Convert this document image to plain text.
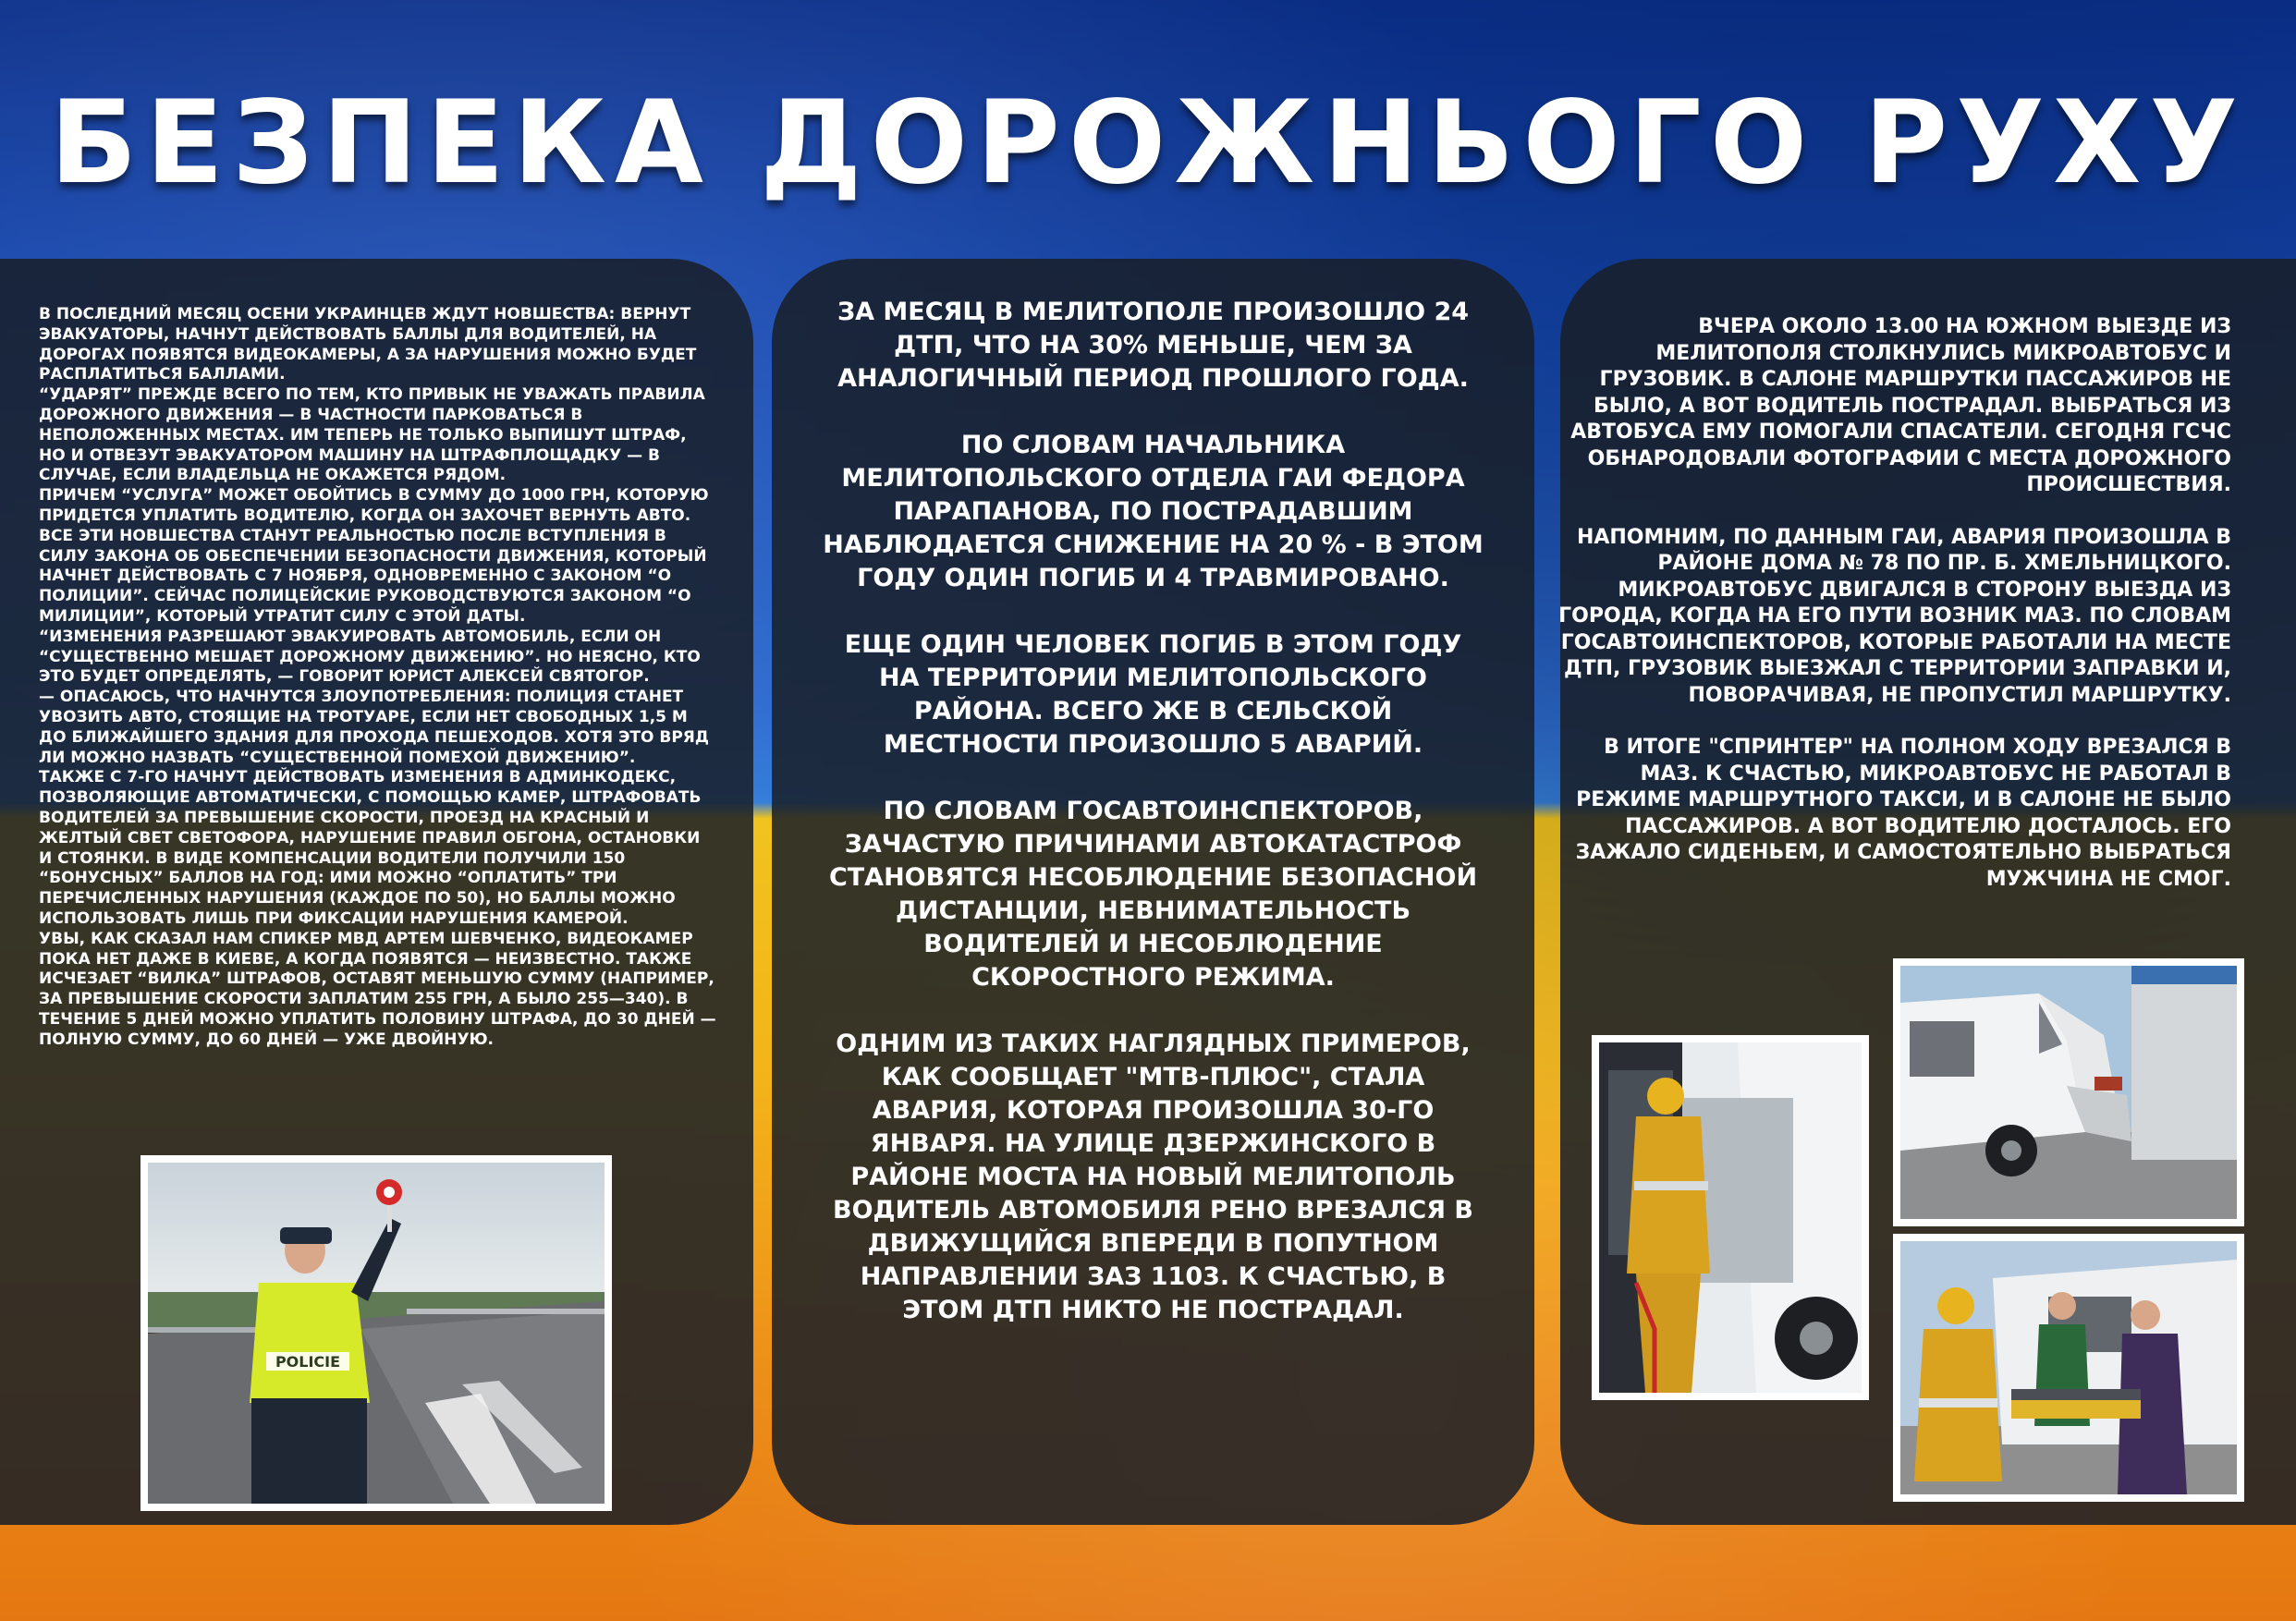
БЕЗПЕКА ДОРОЖНЬОГО РУХУ
В ПОСЛЕДНИЙ МЕСЯЦ ОСЕНИ УКРАИНЦЕВ ЖДУТ НОВШЕСТВА: ВЕРНУТ ЭВАКУАТОРЫ, НАЧНУТ ДЕЙСТВОВАТЬ БАЛЛЫ ДЛЯ ВОДИТЕЛЕЙ, НА ДОРОГАХ ПОЯВЯТСЯ ВИДЕОКАМЕРЫ, А ЗА НАРУШЕНИЯ МОЖНО БУДЕТ РАСПЛАТИТЬСЯ БАЛЛАМИ.
“УДАРЯТ” ПРЕЖДЕ ВСЕГО ПО ТЕМ, КТО ПРИВЫК НЕ УВАЖАТЬ ПРАВИЛА ДОРОЖНОГО ДВИЖЕНИЯ — В ЧАСТНОСТИ ПАРКОВАТЬСЯ В НЕПОЛОЖЕННЫХ МЕСТАХ. ИМ ТЕПЕРЬ НЕ ТОЛЬКО ВЫПИШУТ ШТРАФ, НО И ОТВЕЗУТ ЭВАКУАТОРОМ МАШИНУ НА ШТРАФПЛОЩАДКУ — В СЛУЧАЕ, ЕСЛИ ВЛАДЕЛЬЦА НЕ ОКАЖЕТСЯ РЯДОМ.
ПРИЧЕМ “УСЛУГА” МОЖЕТ ОБОЙТИСЬ В СУММУ ДО 1000 ГРН, КОТОРУЮ ПРИДЕТСЯ УПЛАТИТЬ ВОДИТЕЛЮ, КОГДА ОН ЗАХОЧЕТ ВЕРНУТЬ АВТО.
ВСЕ ЭТИ НОВШЕСТВА СТАНУТ РЕАЛЬНОСТЬЮ ПОСЛЕ ВСТУПЛЕНИЯ В СИЛУ ЗАКОНА ОБ ОБЕСПЕЧЕНИИ БЕЗОПАСНОСТИ ДВИЖЕНИЯ, КОТОРЫЙ НАЧНЕТ ДЕЙСТВОВАТЬ С 7 НОЯБРЯ, ОДНОВРЕМЕННО С ЗАКОНОМ “О ПОЛИЦИИ”. СЕЙЧАС ПОЛИЦЕЙСКИЕ РУКОВОДСТВУЮТСЯ ЗАКОНОМ “О МИЛИЦИИ”, КОТОРЫЙ УТРАТИТ СИЛУ С ЭТОЙ ДАТЫ.
“ИЗМЕНЕНИЯ РАЗРЕШАЮТ ЭВАКУИРОВАТЬ АВТОМОБИЛЬ, ЕСЛИ ОН “СУЩЕСТВЕННО МЕШАЕТ ДОРОЖНОМУ ДВИЖЕНИЮ”. НО НЕЯСНО, КТО ЭТО БУДЕТ ОПРЕДЕЛЯТЬ, — ГОВОРИТ ЮРИСТ АЛЕКСЕЙ СВЯТОГОР.
— ОПАСАЮСЬ, ЧТО НАЧНУТСЯ ЗЛОУПОТРЕБЛЕНИЯ: ПОЛИЦИЯ СТАНЕТ УВОЗИТЬ АВТО, СТОЯЩИЕ НА ТРОТУАРЕ, ЕСЛИ НЕТ СВОБОДНЫХ 1,5 М ДО БЛИЖАЙШЕГО ЗДАНИЯ ДЛЯ ПРОХОДА ПЕШЕХОДОВ. ХОТЯ ЭТО ВРЯД ЛИ МОЖНО НАЗВАТЬ “СУЩЕСТВЕННОЙ ПОМЕХОЙ ДВИЖЕНИЮ”.
ТАКЖЕ С 7-ГО НАЧНУТ ДЕЙСТВОВАТЬ ИЗМЕНЕНИЯ В АДМИНКОДЕКС, ПОЗВОЛЯЮЩИЕ АВТОМАТИЧЕСКИ, С ПОМОЩЬЮ КАМЕР, ШТРАФОВАТЬ ВОДИТЕЛЕЙ ЗА ПРЕВЫШЕНИЕ СКОРОСТИ, ПРОЕЗД НА КРАСНЫЙ И ЖЕЛТЫЙ СВЕТ СВЕТОФОРА, НАРУШЕНИЕ ПРАВИЛ ОБГОНА, ОСТАНОВКИ И СТОЯНКИ. В ВИДЕ КОМПЕНСАЦИИ ВОДИТЕЛИ ПОЛУЧИЛИ 150 “БОНУСНЫХ” БАЛЛОВ НА ГОД: ИМИ МОЖНО “ОПЛАТИТЬ” ТРИ ПЕРЕЧИСЛЕННЫХ НАРУШЕНИЯ (КАЖДОЕ ПО 50), НО БАЛЛЫ МОЖНО ИСПОЛЬЗОВАТЬ ЛИШЬ ПРИ ФИКСАЦИИ НАРУШЕНИЯ КАМЕРОЙ.
УВЫ, КАК СКАЗАЛ НАМ СПИКЕР МВД АРТЕМ ШЕВЧЕНКО, ВИДЕОКАМЕР ПОКА НЕТ ДАЖЕ В КИЕВЕ, А КОГДА ПОЯВЯТСЯ — НЕИЗВЕСТНО. ТАКЖЕ ИСЧЕЗАЕТ “ВИЛКА” ШТРАФОВ, ОСТАВЯТ МЕНЬШУЮ СУММУ (НАПРИМЕР, ЗА ПРЕВЫШЕНИЕ СКОРОСТИ ЗАПЛАТИМ 255 ГРН, А БЫЛО 255—340). В ТЕЧЕНИЕ 5 ДНЕЙ МОЖНО УПЛАТИТЬ ПОЛОВИНУ ШТРАФА, ДО 30 ДНЕЙ — ПОЛНУЮ СУММУ, ДО 60 ДНЕЙ — УЖЕ ДВОЙНУЮ.
POLICIE

ЗА МЕСЯЦ В МЕЛИТОПОЛЕ ПРОИЗОШЛО 24 ДТП, ЧТО НА 30% МЕНЬШЕ, ЧЕМ ЗА АНАЛОГИЧНЫЙ ПЕРИОД ПРОШЛОГО ГОДА.

ПО СЛОВАМ НАЧАЛЬНИКА МЕЛИТОПОЛЬСКОГО ОТДЕЛА ГАИ ФЕДОРА ПАРАПАНОВА, ПО ПОСТРАДАВШИМ НАБЛЮДАЕТСЯ СНИЖЕНИЕ НА 20 % - В ЭТОМ ГОДУ ОДИН ПОГИБ И 4 ТРАВМИРОВАНО.

ЕЩЕ ОДИН ЧЕЛОВЕК ПОГИБ В ЭТОМ ГОДУ НА ТЕРРИТОРИИ МЕЛИТОПОЛЬСКОГО РАЙОНА. ВСЕГО ЖЕ В СЕЛЬСКОЙ МЕСТНОСТИ ПРОИЗОШЛО 5 АВАРИЙ.

ПО СЛОВАМ ГОСАВТОИНСПЕКТОРОВ, ЗАЧАСТУЮ ПРИЧИНАМИ АВТОКАТАСТРОФ СТАНОВЯТСЯ НЕСОБЛЮДЕНИЕ БЕЗОПАСНОЙ ДИСТАНЦИИ, НЕВНИМАТЕЛЬНОСТЬ ВОДИТЕЛЕЙ И НЕСОБЛЮДЕНИЕ СКОРОСТНОГО РЕЖИМА.

ОДНИМ ИЗ ТАКИХ НАГЛЯДНЫХ ПРИМЕРОВ, КАК СООБЩАЕТ "МТВ-ПЛЮС", СТАЛА АВАРИЯ, КОТОРАЯ ПРОИЗОШЛА 30-ГО ЯНВАРЯ. НА УЛИЦЕ ДЗЕРЖИНСКОГО В РАЙОНЕ МОСТА НА НОВЫЙ МЕЛИТОПОЛЬ ВОДИТЕЛЬ АВТОМОБИЛЯ РЕНО ВРЕЗАЛСЯ В ДВИЖУЩИЙСЯ ВПЕРЕДИ В ПОПУТНОМ НАПРАВЛЕНИИ ЗАЗ 1103. К СЧАСТЬЮ, В ЭТОМ ДТП НИКТО НЕ ПОСТРАДАЛ.

ВЧЕРА ОКОЛО 13.00 НА ЮЖНОМ ВЫЕЗДЕ ИЗ МЕЛИТОПОЛЯ СТОЛКНУЛИСЬ МИКРОАВТОБУС И ГРУЗОВИК. В САЛОНЕ МАРШРУТКИ ПАССАЖИРОВ НЕ БЫЛО, А ВОТ ВОДИТЕЛЬ ПОСТРАДАЛ. ВЫБРАТЬСЯ ИЗ АВТОБУСА ЕМУ ПОМОГАЛИ СПАСАТЕЛИ. СЕГОДНЯ ГСЧС ОБНАРОДОВАЛИ ФОТОГРАФИИ С МЕСТА ДОРОЖНОГО ПРОИСШЕСТВИЯ.

НАПОМНИМ, ПО ДАННЫМ ГАИ, АВАРИЯ ПРОИЗОШЛА В РАЙОНЕ ДОМА № 78 ПО ПР. Б. ХМЕЛЬНИЦКОГО. МИКРОАВТОБУС ДВИГАЛСЯ В СТОРОНУ ВЫЕЗДА ИЗ ГОРОДА, КОГДА НА ЕГО ПУТИ ВОЗНИК МАЗ. ПО СЛОВАМ ГОСАВТОИНСПЕКТОРОВ, КОТОРЫЕ РАБОТАЛИ НА МЕСТЕ ДТП, ГРУЗОВИК ВЫЕЗЖАЛ С ТЕРРИТОРИИ ЗАПРАВКИ И, ПОВОРАЧИВАЯ, НЕ ПРОПУСТИЛ МАРШРУТКУ.

В ИТОГЕ "СПРИНТЕР" НА ПОЛНОМ ХОДУ ВРЕЗАЛСЯ В МАЗ. К СЧАСТЬЮ, МИКРОАВТОБУС НЕ РАБОТАЛ В РЕЖИМЕ МАРШРУТНОГО ТАКСИ, И В САЛОНЕ НЕ БЫЛО ПАССАЖИРОВ. А ВОТ ВОДИТЕЛЮ ДОСТАЛОСЬ. ЕГО ЗАЖАЛО СИДЕНЬЕМ, И САМОСТОЯТЕЛЬНО ВЫБРАТЬСЯ МУЖЧИНА НЕ СМОГ.
